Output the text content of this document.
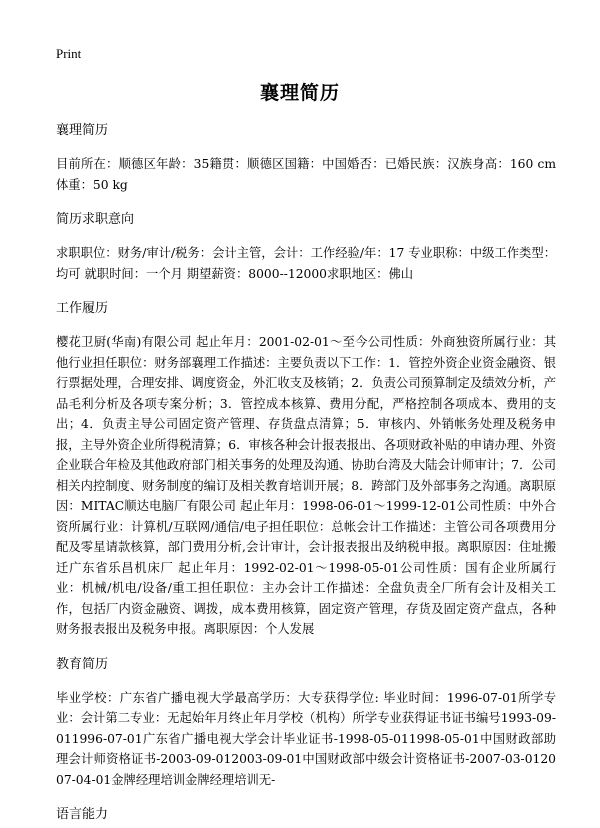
Print
襄理简历
襄理简历
目前所在：顺德区年龄：35籍贯：顺德区国籍：中国婚否：已婚民族：汉族身高：160 cm体重：50 kg
简历求职意向
求职职位：财务/审计/税务：会计主管，会计：工作经验/年：17 专业职称：中级工作类型：均可 就职时间：一个月 期望薪资：8000--12000求职地区：佛山
工作履历
樱花卫厨(华南)有限公司 起止年月：2001-02-01～至今公司性质：外商独资所属行业：其他行业担任职位：财务部襄理工作描述：主要负责以下工作：1．管控外资企业资金融资、银行票据处理，合理安排、调度资金，外汇收支及核销；2．负责公司预算制定及绩效分析，产品毛利分析及各项专案分析；3．管控成本核算、费用分配，严格控制各项成本、费用的支出；4．负责主导公司固定资产管理、存货盘点清算；5．审核内、外销帐务处理及税务申报，主导外资企业所得税清算；6．审核各种会计报表报出、各项财政补贴的申请办理、外资企业联合年检及其他政府部门相关事务的处理及沟通、协助台湾及大陆会计师审计；7．公司相关内控制度、财务制度的编订及相关教育培训开展；8．跨部门及外部事务之沟通。离职原因：MITAC顺达电脑厂有限公司 起止年月：1998-06-01～1999-12-01公司性质：中外合资所属行业：计算机/互联网/通信/电子担任职位：总帐会计工作描述：主管公司各项费用分配及零星请款核算，部门费用分析,会计审计，会计报表报出及纳税申报。离职原因：住址搬迁广东省乐昌机床厂 起止年月：1992-02-01～1998-05-01公司性质：国有企业所属行业：机械/机电/设备/重工担任职位：主办会计工作描述：全盘负责全厂所有会计及相关工作，包括厂内资金融资、调拨，成本费用核算，固定资产管理，存货及固定资产盘点，各种财务报表报出及税务申报。离职原因：个人发展
教育简历
毕业学校：广东省广播电视大学最高学历：大专获得学位: 毕业时间：1996-07-01所学专业：会计第二专业：无起始年月终止年月学校（机构）所学专业获得证书证书编号1993-09-011996-07-01广东省广播电视大学会计毕业证书-1998-05-011998-05-01中国财政部助理会计师资格证书-2003-09-012003-09-01中国财政部中级会计资格证书-2007-03-012007-04-01金牌经理培训金牌经理培训无-
语言能力
